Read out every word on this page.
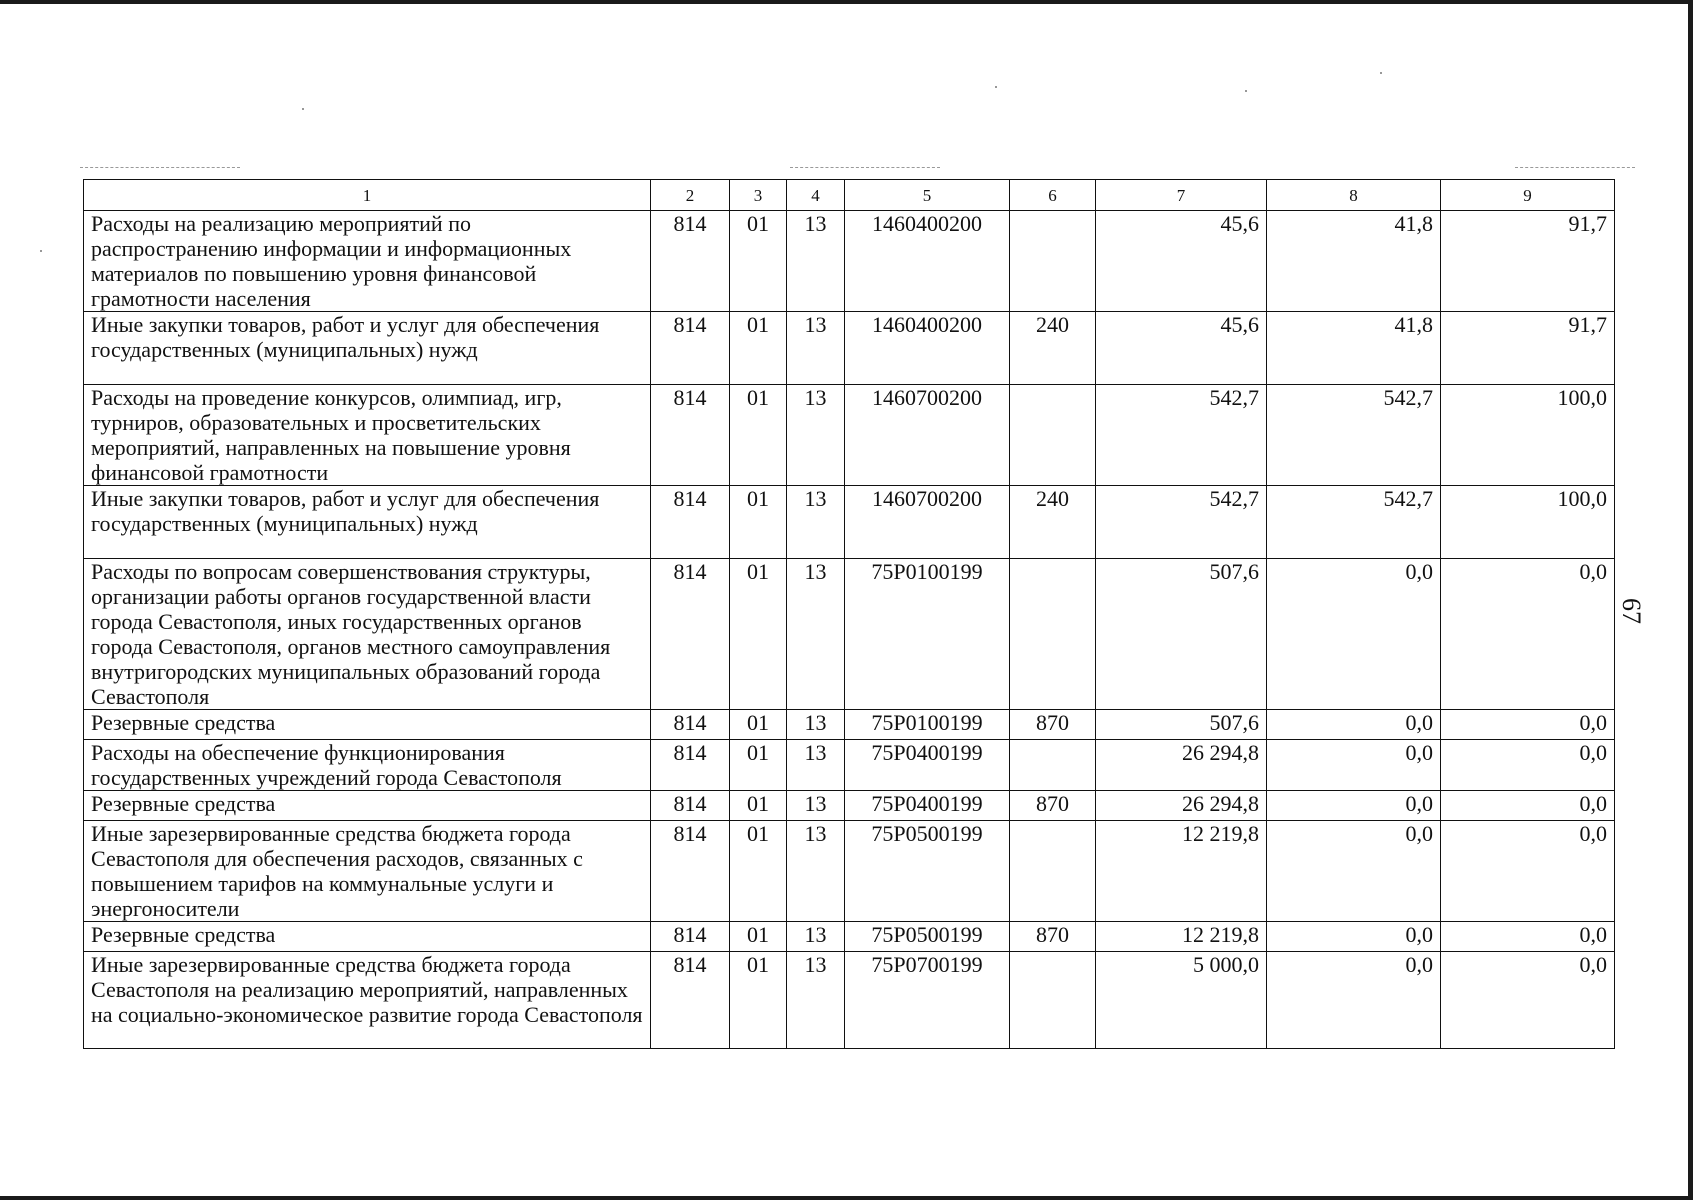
67
1	2	3	4	5	6	7	8	9
Расходы на реализацию мероприятий по распространению информации и информационных материалов по повышению уровня финансовой грамотности населения	814	01	13	1460400200		45,6	41,8	91,7
Иные закупки товаров, работ и услуг для обеспечения государственных (муниципальных) нужд	814	01	13	1460400200	240	45,6	41,8	91,7
Расходы на проведение конкурсов, олимпиад, игр, турниров, образовательных и просветительских мероприятий, направленных на повышение уровня финансовой грамотности	814	01	13	1460700200		542,7	542,7	100,0
Иные закупки товаров, работ и услуг для обеспечения государственных (муниципальных) нужд	814	01	13	1460700200	240	542,7	542,7	100,0
Расходы по вопросам совершенствования структуры, организации работы органов государственной власти города Севастополя, иных государственных органов города Севастополя, органов местного самоуправления внутригородских муниципальных образований города Севастополя	814	01	13	75P0100199		507,6	0,0	0,0
Резервные средства	814	01	13	75P0100199	870	507,6	0,0	0,0
Расходы на обеспечение функционирования государственных учреждений города Севастополя	814	01	13	75P0400199		26 294,8	0,0	0,0
Резервные средства	814	01	13	75P0400199	870	26 294,8	0,0	0,0
Иные зарезервированные средства бюджета города Севастополя для обеспечения расходов, связанных с повышением тарифов на коммунальные услуги и энергоносители	814	01	13	75P0500199		12 219,8	0,0	0,0
Резервные средства	814	01	13	75P0500199	870	12 219,8	0,0	0,0
Иные зарезервированные средства бюджета города Севастополя на реализацию мероприятий, направленных на социально-экономическое развитие города Севастополя	814	01	13	75P0700199		5 000,0	0,0	0,0
